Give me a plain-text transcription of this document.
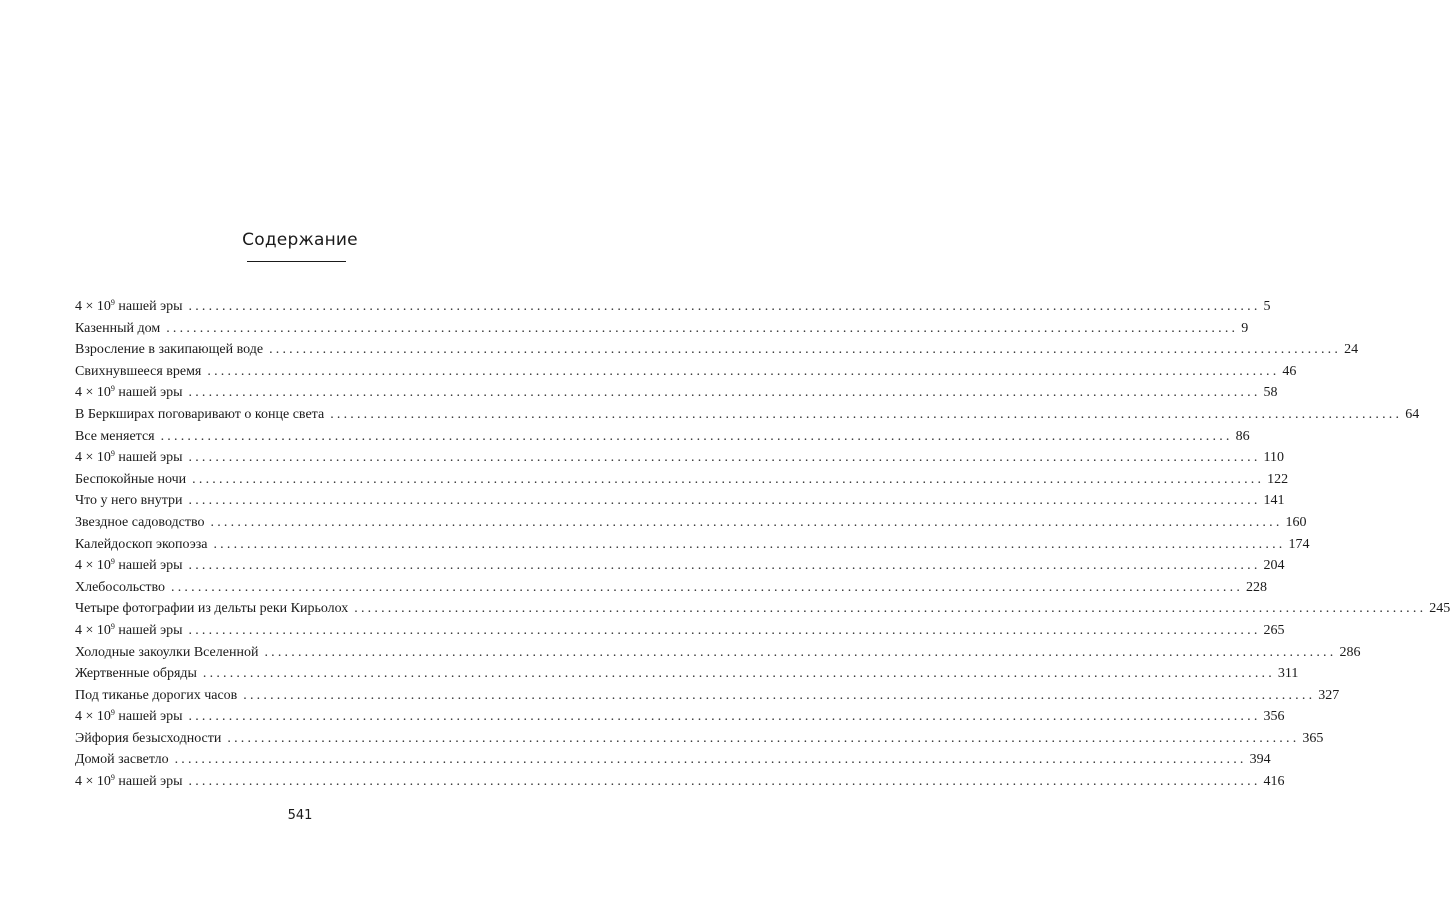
Содержание
$4 \times 10^9$ нашей эры ................................................................................................................................................................ 5
Казенный дом ................................................................................................................................................................ 9
Взросление в закипающей воде ................................................................................................................................................................ 24
Свихнувшееся время ................................................................................................................................................................ 46
$4 \times 10^9$ нашей эры ................................................................................................................................................................ 58
В Беркширах поговаривают о конце света ................................................................................................................................................................ 64
Все меняется ................................................................................................................................................................ 86
$4 \times 10^9$ нашей эры ................................................................................................................................................................ 110
Беспокойные ночи ................................................................................................................................................................ 122
Что у него внутри ................................................................................................................................................................ 141
Звездное садоводство ................................................................................................................................................................ 160
Калейдоскоп экопоэза ................................................................................................................................................................ 174
$4 \times 10^9$ нашей эры ................................................................................................................................................................ 204
Хлебосольство ................................................................................................................................................................ 228
Четыре фотографии из дельты реки Кирьолох ................................................................................................................................................................ 245
$4 \times 10^9$ нашей эры ................................................................................................................................................................ 265
Холодные закоулки Вселенной ................................................................................................................................................................ 286
Жертвенные обряды ................................................................................................................................................................ 311
Под тиканье дорогих часов ................................................................................................................................................................ 327
$4 \times 10^9$ нашей эры ................................................................................................................................................................ 356
Эйфория безысходности ................................................................................................................................................................ 365
Домой засветло ................................................................................................................................................................ 394
$4 \times 10^9$ нашей эры ................................................................................................................................................................ 416
541
